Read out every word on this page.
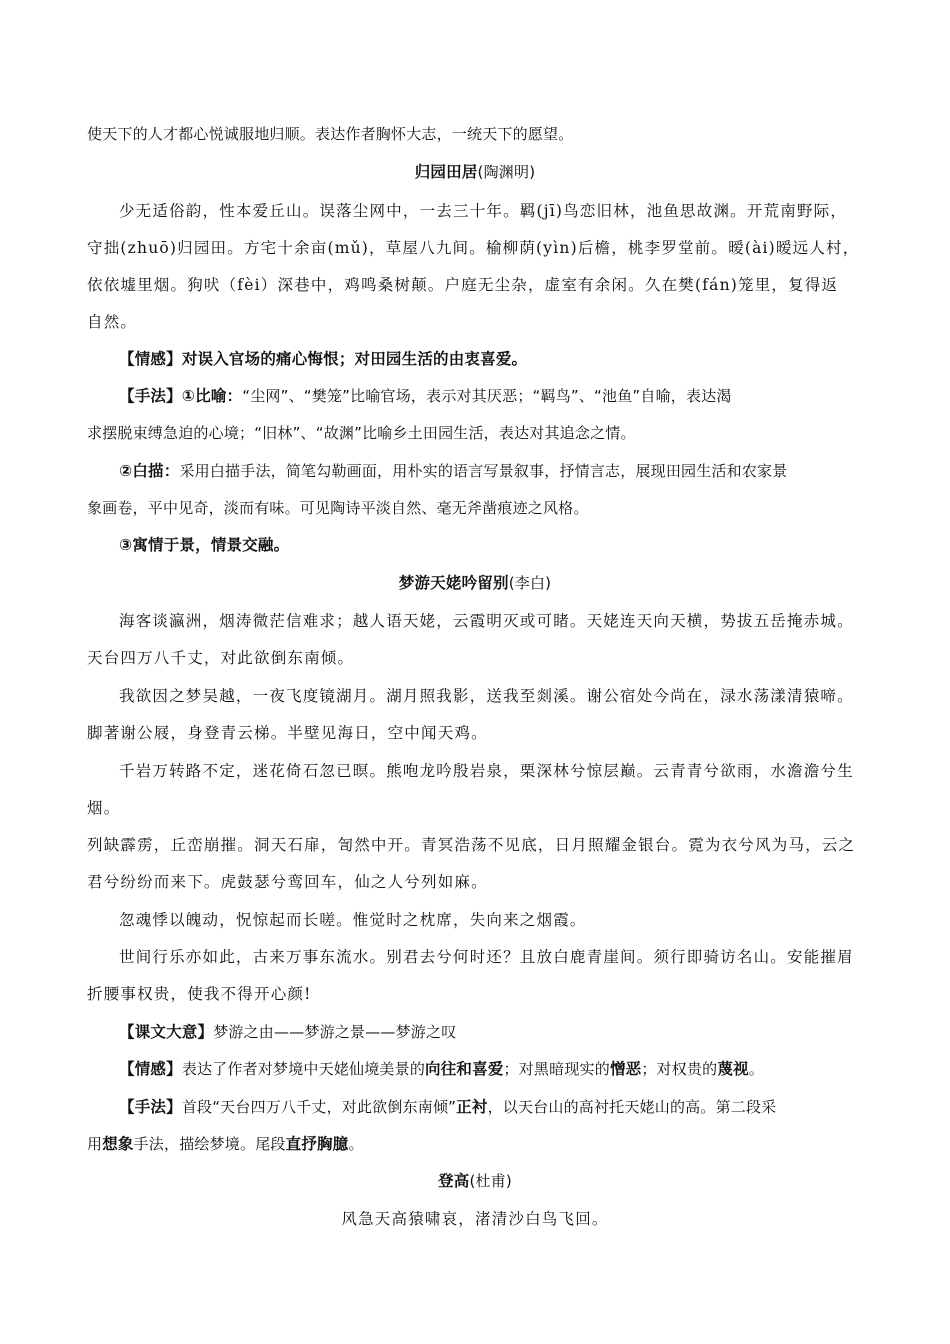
使天下的人才都心悦诚服地归顺。表达作者胸怀大志，一统天下的愿望。
归园田居(陶渊明)
少无适俗韵，性本爱丘山。误落尘网中，一去三十年。羁(jī)鸟恋旧林，池鱼思故渊。开荒南野际，
守拙(zhuō)归园田。方宅十余亩(mǔ)，草屋八九间。榆柳荫(yìn)后檐，桃李罗堂前。暧(ài)暧远人村，
依依墟里烟。狗吠（fèi）深巷中，鸡鸣桑树颠。户庭无尘杂，虚室有余闲。久在樊(fán)笼里，复得返
自然。
【情感】对误入官场的痛心悔恨；对田园生活的由衷喜爱。
【手法】①比喻：“尘网”、“樊笼”比喻官场，表示对其厌恶；“羁鸟”、“池鱼”自喻，表达渴
求摆脱束缚急迫的心境；“旧林”、“故渊”比喻乡土田园生活，表达对其追念之情。
②白描：采用白描手法，简笔勾勒画面，用朴实的语言写景叙事，抒情言志，展现田园生活和农家景
象画卷，平中见奇，淡而有味。可见陶诗平淡自然、毫无斧凿痕迹之风格。
③寓情于景，情景交融。
梦游天姥吟留别(李白)
海客谈瀛洲，烟涛微茫信难求；越人语天姥，云霞明灭或可睹。天姥连天向天横，势拔五岳掩赤城。
天台四万八千丈，对此欲倒东南倾。
我欲因之梦吴越，一夜飞度镜湖月。湖月照我影，送我至剡溪。谢公宿处今尚在，渌水荡漾清猿啼。
脚著谢公屐，身登青云梯。半壁见海日，空中闻天鸡。
千岩万转路不定，迷花倚石忽已暝。熊咆龙吟殷岩泉，栗深林兮惊层巅。云青青兮欲雨，水澹澹兮生
烟。
列缺霹雳，丘峦崩摧。洞天石扉，訇然中开。青冥浩荡不见底，日月照耀金银台。霓为衣兮风为马，云之
君兮纷纷而来下。虎鼓瑟兮鸾回车，仙之人兮列如麻。
忽魂悸以魄动，怳惊起而长嗟。惟觉时之枕席，失向来之烟霞。
世间行乐亦如此，古来万事东流水。别君去兮何时还？且放白鹿青崖间。须行即骑访名山。安能摧眉
折腰事权贵，使我不得开心颜!
【课文大意】梦游之由——梦游之景——梦游之叹
【情感】表达了作者对梦境中天姥仙境美景的向往和喜爱；对黑暗现实的憎恶；对权贵的蔑视。
【手法】首段“天台四万八千丈，对此欲倒东南倾”正衬，以天台山的高衬托天姥山的高。第二段采
用想象手法，描绘梦境。尾段直抒胸臆。
登高(杜甫)
风急天高猿啸哀，渚清沙白鸟飞回。
